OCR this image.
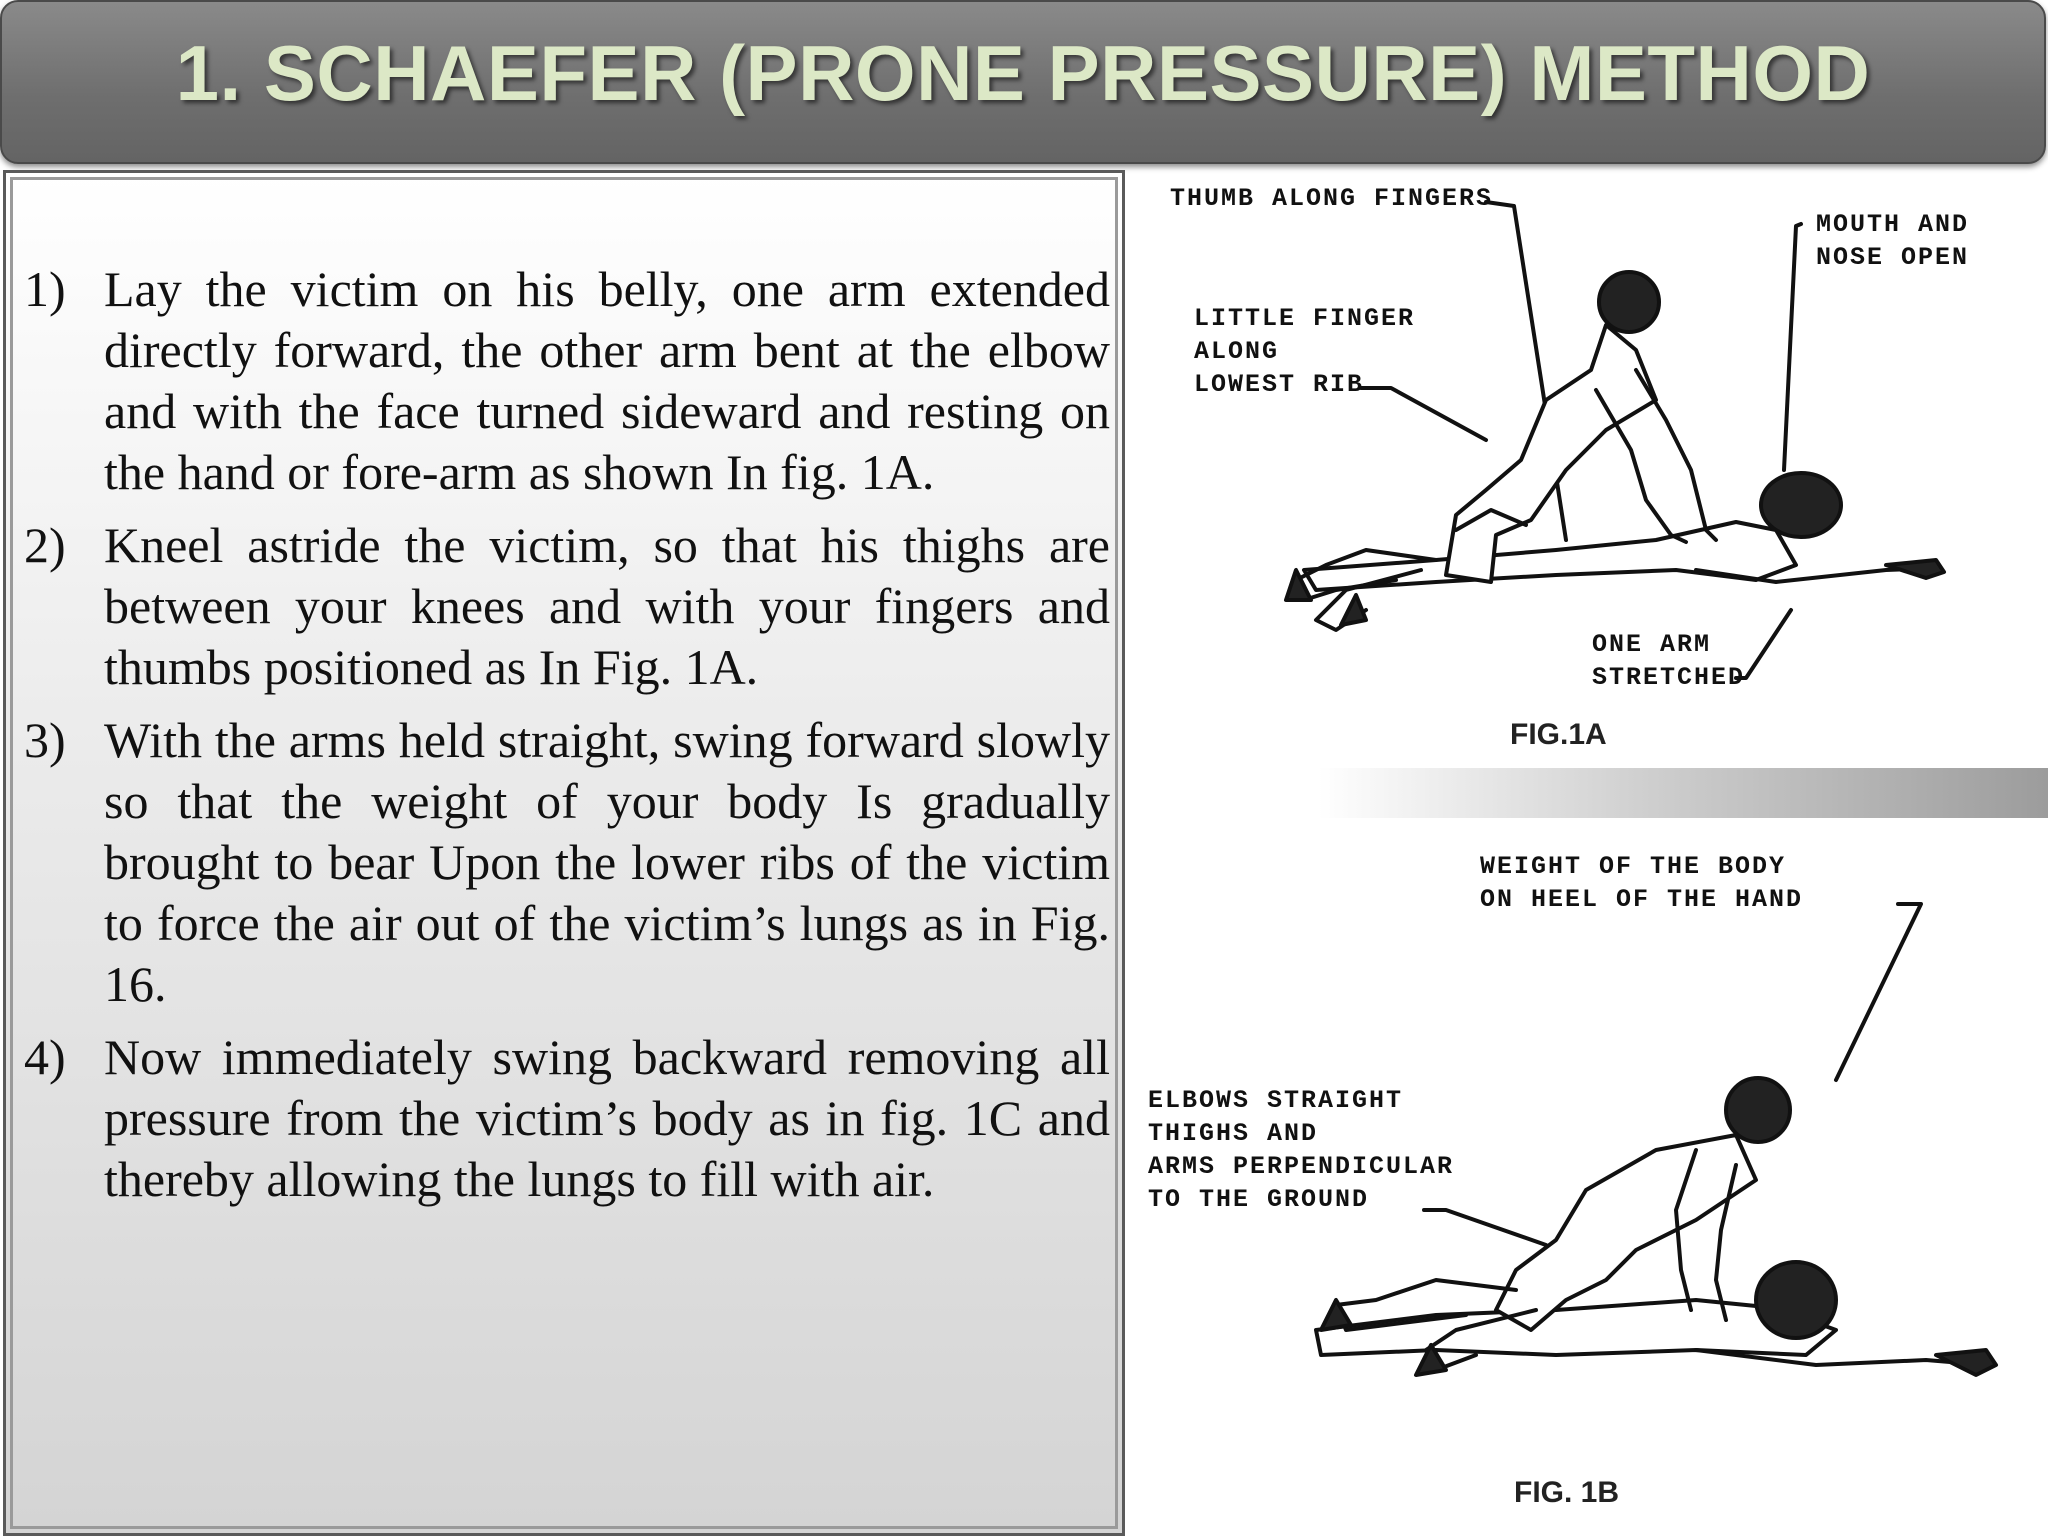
1. SCHAEFER (PRONE PRESSURE) METHOD
1) Lay the victim on his belly, one arm extended directly forward, the other arm bent at the elbow and with the face turned sideward and resting on the hand or fore-arm as shown In fig. 1A.
2) Kneel astride the victim, so that his thighs are between your knees and with your fingers and thumbs positioned as In Fig. 1A.
3) With the arms held straight, swing forward slowly so that the weight of your body Is gradually brought to bear Upon the lower ribs of the victim to force the air out of the victim’s lungs as in Fig. 16.
4) Now immediately swing backward removing all pressure from the victim’s body as in fig. 1C and thereby allowing the lungs to fill with air.
THUMB ALONG FINGERS
MOUTH AND
NOSE OPEN
LITTLE FINGER
ALONG
LOWEST RIB
ONE ARM
STRETCHED
FIG.1A
WEIGHT OF THE BODY
ON HEEL OF THE HAND
ELBOWS STRAIGHT
THIGHS AND
ARMS PERPENDICULAR
TO THE GROUND
FIG. 1B
